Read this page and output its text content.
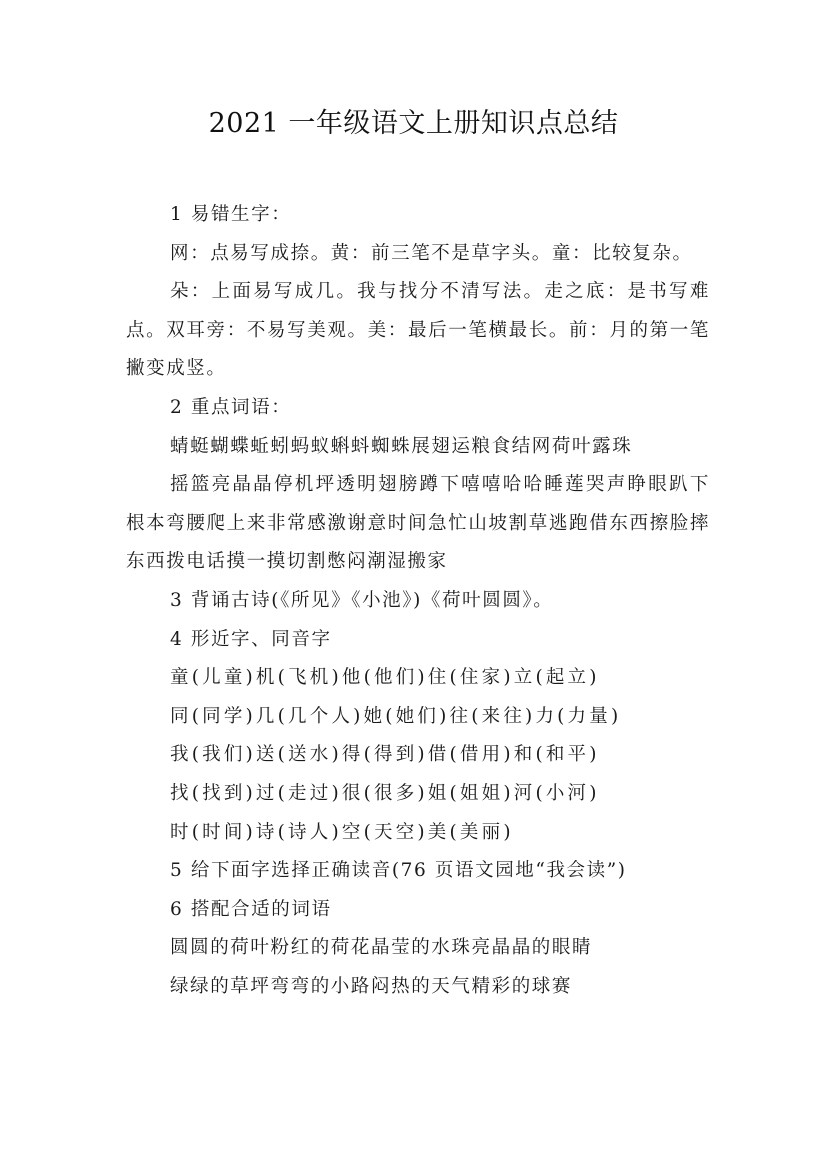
2021 一年级语文上册知识点总结

1 易错生字：

网：点易写成捺。黄：前三笔不是草字头。童：比较复杂。

朵：上面易写成几。我与找分不清写法。走之底：是书写难点。双耳旁：不易写美观。美：最后一笔横最长。前：月的第一笔撇变成竖。

2 重点词语：

蜻蜓蝴蝶蚯蚓蚂蚁蝌蚪蜘蛛展翅运粮食结网荷叶露珠

摇篮亮晶晶停机坪透明翅膀蹲下嘻嘻哈哈睡莲哭声睁眼趴下根本弯腰爬上来非常感激谢意时间急忙山坡割草逃跑借东西擦脸摔东西拨电话摸一摸切割憋闷潮湿搬家

3 背诵古诗(《所见》《小池》)《荷叶圆圆》。

4 形近字、同音字

童(儿童)机(飞机)他(他们)住(住家)立(起立)

同(同学)几(几个人)她(她们)往(来往)力(力量)

我(我们)送(送水)得(得到)借(借用)和(和平)

找(找到)过(走过)很(很多)姐(姐姐)河(小河)

时(时间)诗(诗人)空(天空)美(美丽)

5 给下面字选择正确读音(76 页语文园地“我会读”)

6 搭配合适的词语

圆圆的荷叶粉红的荷花晶莹的水珠亮晶晶的眼睛

绿绿的草坪弯弯的小路闷热的天气精彩的球赛
